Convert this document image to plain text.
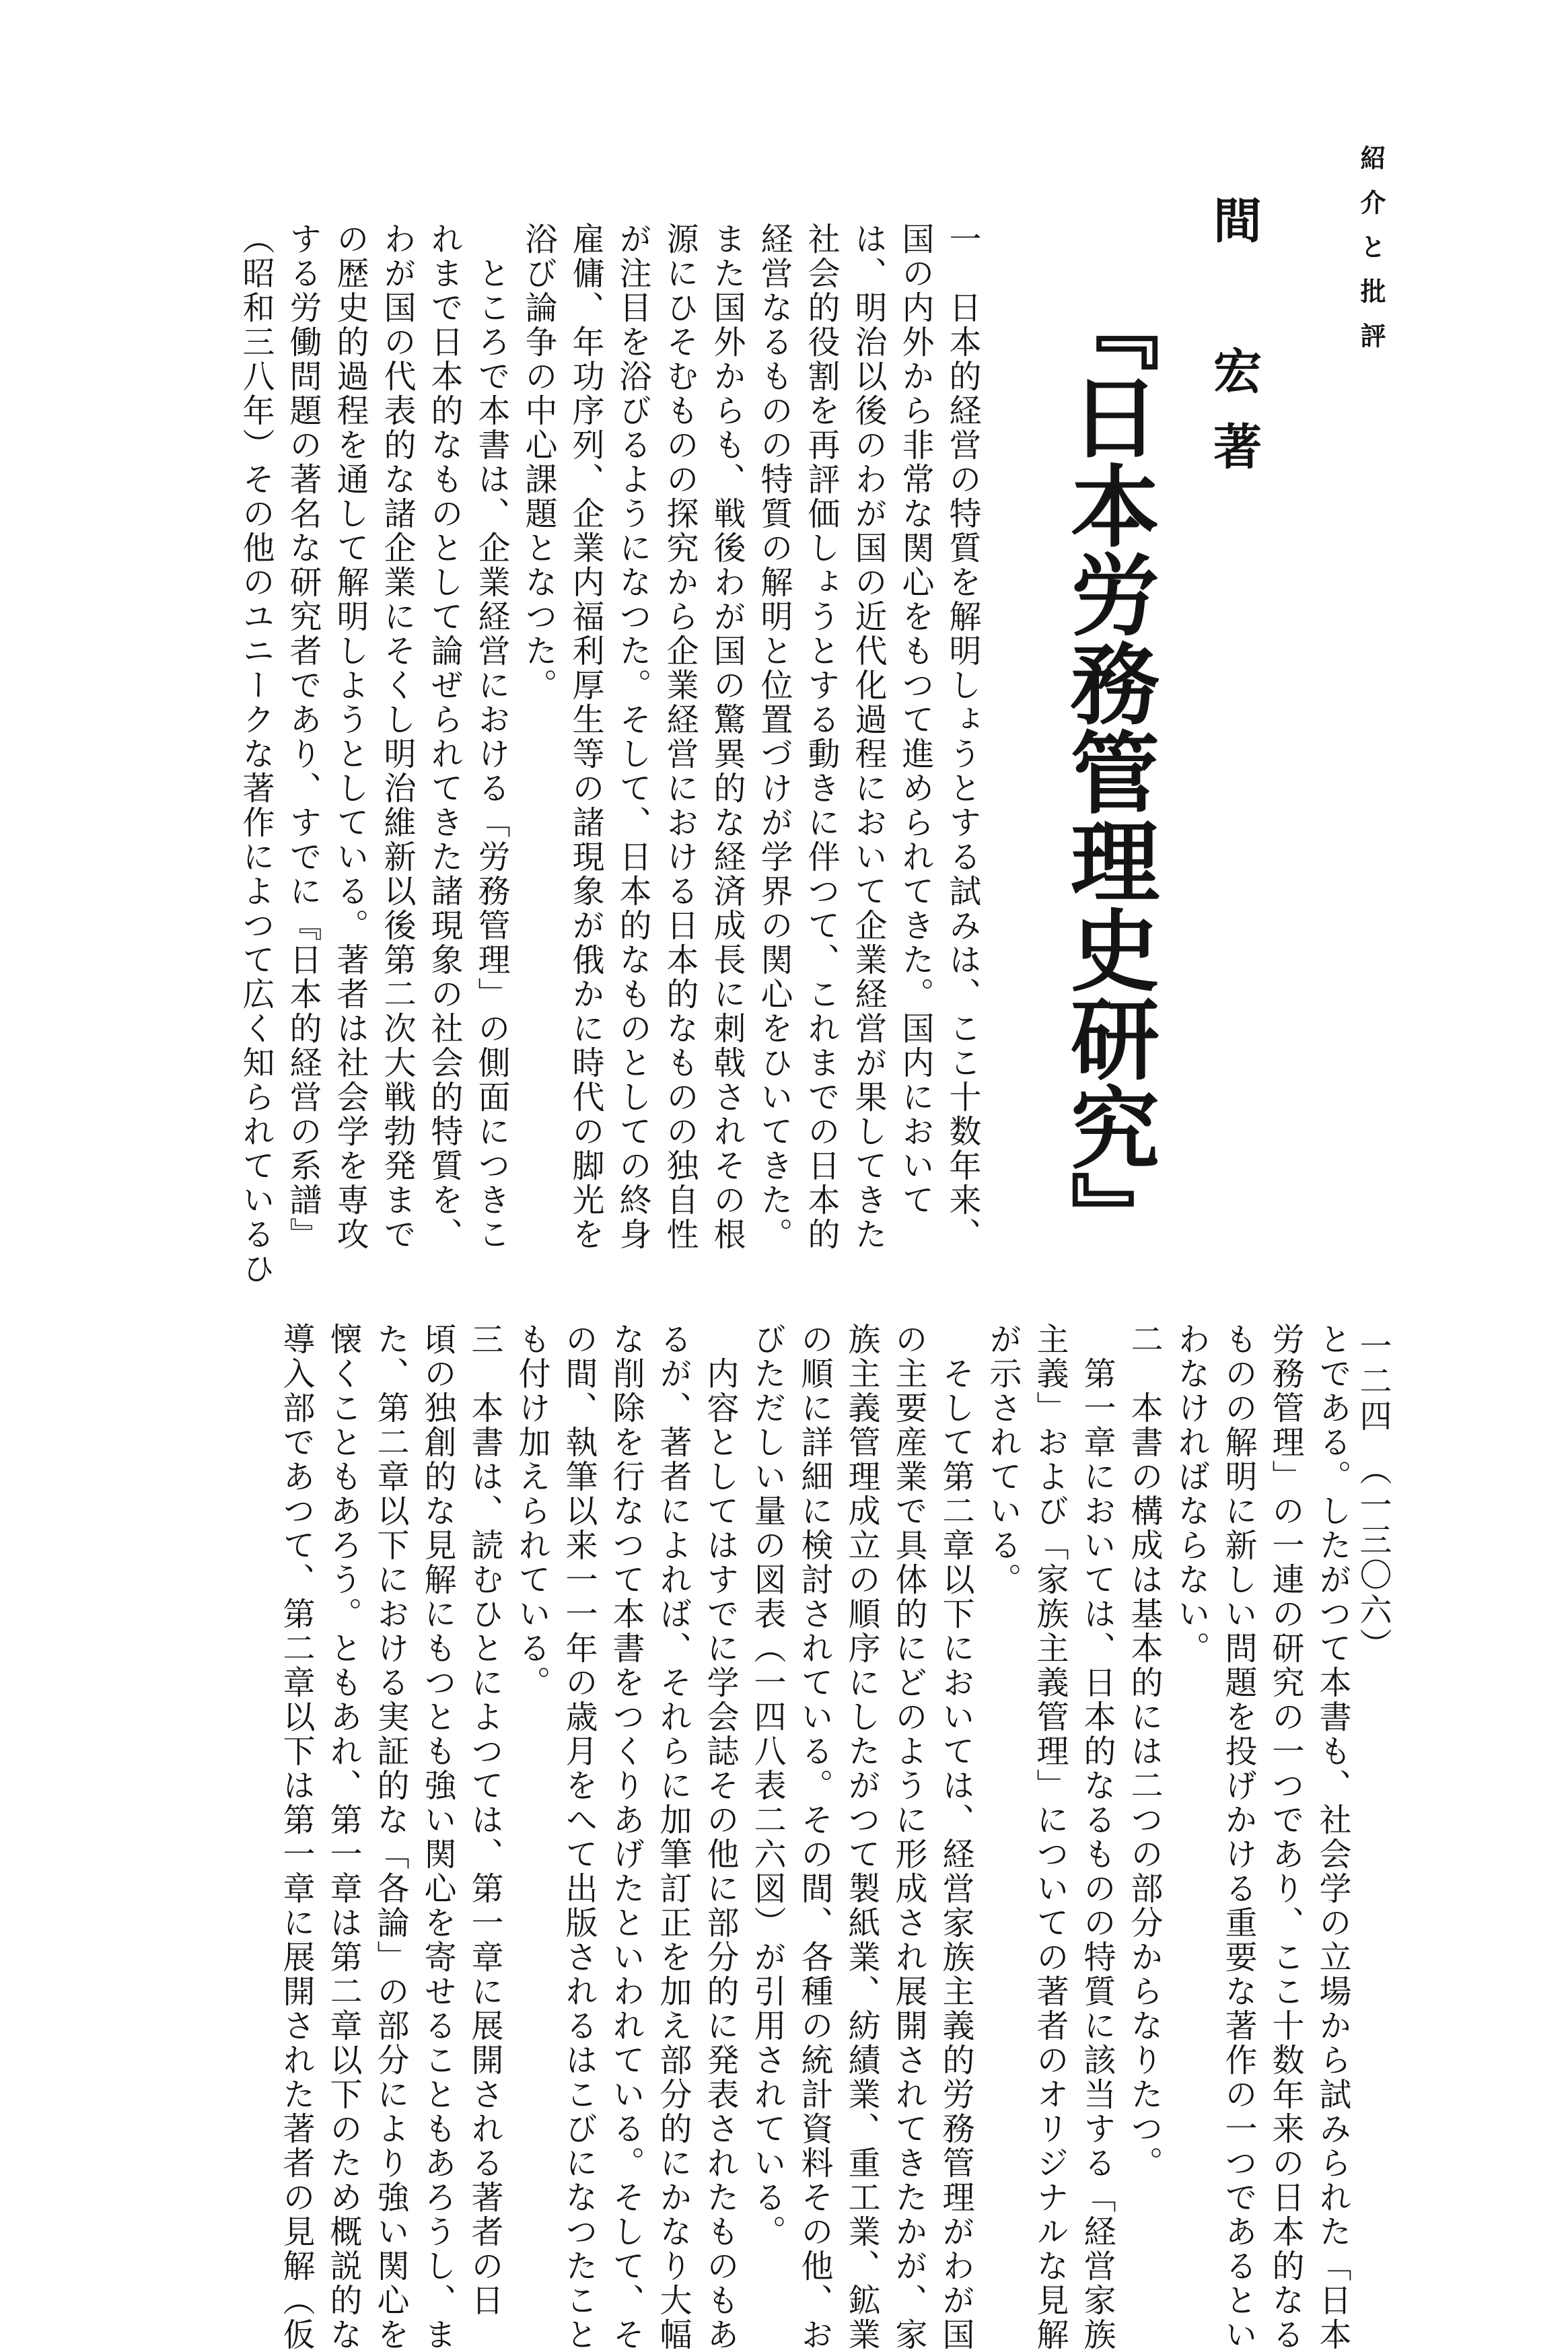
紹介と批評
間　宏著
『日本労務管理史研究』
一二四　（一三〇六）
一　日本的経営の特質を解明しょうとする試みは、ここ十数年来、
国の内外から非常な関心をもつて進められてきた。国内において
は、明治以後のわが国の近代化過程において企業経営が果してきた
社会的役割を再評価しょうとする動きに伴つて、これまでの日本的
経営なるものの特質の解明と位置づけが学界の関心をひいてきた。
また国外からも、戦後わが国の驚異的な経済成長に刺戟されその根
源にひそむものの探究から企業経営における日本的なものの独自性
が注目を浴びるようになつた。そして、日本的なものとしての終身
雇傭、年功序列、企業内福利厚生等の諸現象が俄かに時代の脚光を
浴び論争の中心課題となつた。
　ところで本書は、企業経営における「労務管理」の側面につきこ
れまで日本的なものとして論ぜられてきた諸現象の社会的特質を、
わが国の代表的な諸企業にそくし明治維新以後第二次大戦勃発まで
の歴史的過程を通して解明しようとしている。著者は社会学を専攻
する労働問題の著名な研究者であり、すでに『日本的経営の系譜』
（昭和三八年）その他のユニークな著作によつて広く知られているひ
とである。したがつて本書も、社会学の立場から試みられた「日本
労務管理」の一連の研究の一つであり、ここ十数年来の日本的なる
ものの解明に新しい問題を投げかける重要な著作の一つであるとい
わなければならない。
二　本書の構成は基本的には二つの部分からなりたつ。
　第一章においては、日本的なるものの特質に該当する「経営家族
主義」および「家族主義管理」についての著者のオリジナルな見解
が示されている。
　そして第二章以下においては、経営家族主義的労務管理がわが国
の主要産業で具体的にどのように形成され展開されてきたかが、家
族主義管理成立の順序にしたがつて製紙業、紡績業、重工業、鉱業
の順に詳細に検討されている。その間、各種の統計資料その他、お
びただしい量の図表（一四八表二六図）が引用されている。
　内容としてはすでに学会誌その他に部分的に発表されたものもあ
るが、著者によれば、それらに加筆訂正を加え部分的にかなり大幅
な削除を行なつて本書をつくりあげたといわれている。そして、そ
の間、執筆以来一一年の歳月をへて出版されるはこびになつたこと
も付け加えられている。
三　本書は、読むひとによつては、第一章に展開される著者の日
頃の独創的な見解にもつとも強い関心を寄せることもあろうし、ま
た、第二章以下における実証的な「各論」の部分により強い関心を
懐くこともあろう。ともあれ、第一章は第二章以下のため概説的な
導入部であつて、第二章以下は第一章に展開された著者の見解（仮
